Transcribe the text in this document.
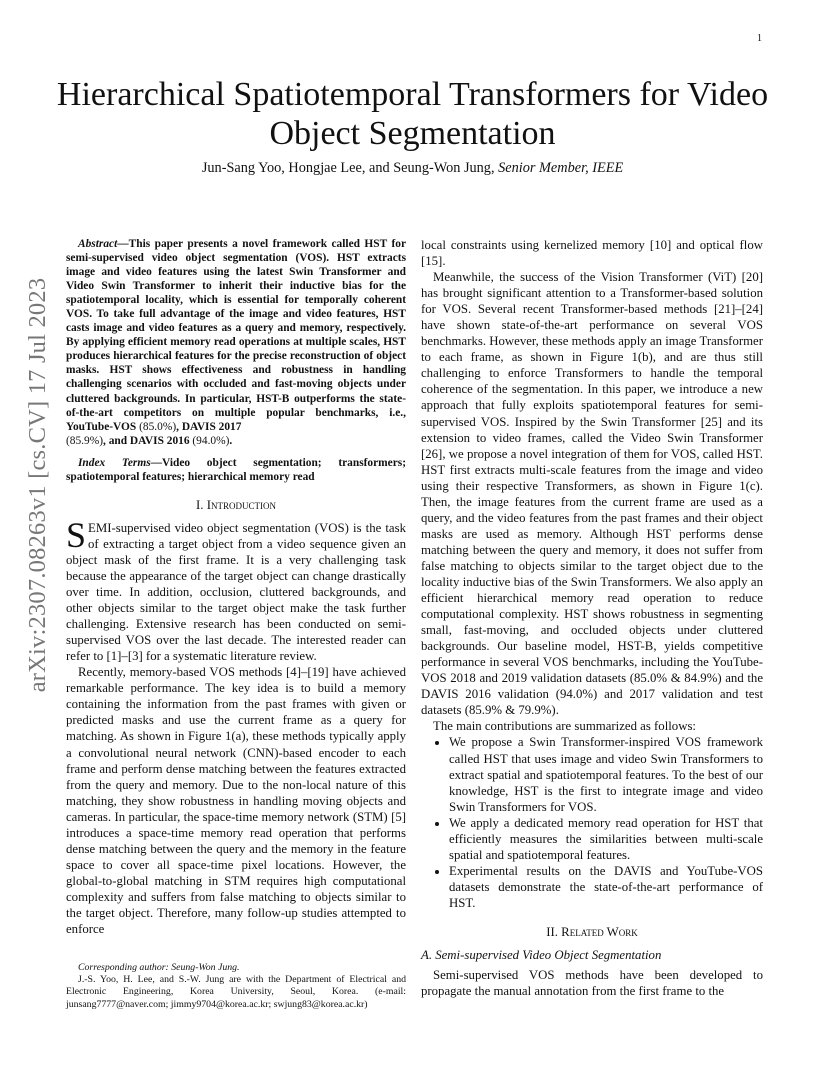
1
arXiv:2307.08263v1 [cs.CV] 17 Jul 2023
Hierarchical Spatiotemporal Transformers for Video Object Segmentation
Jun-Sang Yoo, Hongjae Lee, and Seung-Won Jung, Senior Member, IEEE

Abstract—This paper presents a novel framework called HST for semi-supervised video object segmentation (VOS). HST extracts image and video features using the latest Swin Transformer and Video Swin Transformer to inherit their inductive bias for the spatiotemporal locality, which is essential for temporally coherent VOS. To take full advantage of the image and video features, HST casts image and video features as a query and memory, respectively. By applying efficient memory read operations at multiple scales, HST produces hierarchical features for the precise reconstruction of object masks. HST shows effectiveness and robustness in handling challenging scenarios with occluded and fast-moving objects under cluttered backgrounds. In particular, HST-B outperforms the state-of-the-art competitors on multiple popular benchmarks, i.e., YouTube-VOS (85.0%), DAVIS 2017
(85.9%), and DAVIS 2016 (94.0%).

Index Terms—Video object segmentation; transformers; spatiotemporal features; hierarchical memory read

I. Introduction

SEMI-supervised video object segmentation (VOS) is the task of extracting a target object from a video sequence given an object mask of the first frame. It is a very challenging task because the appearance of the target object can change drastically over time. In addition, occlusion, cluttered backgrounds, and other objects similar to the target object make the task further challenging. Extensive research has been conducted on semi-supervised VOS over the last decade. The interested reader can refer to [1]–[3] for a systematic literature review.

Recently, memory-based VOS methods [4]–[19] have achieved remarkable performance. The key idea is to build a memory containing the information from the past frames with given or predicted masks and use the current frame as a query for matching. As shown in Figure 1(a), these methods typically apply a convolutional neural network (CNN)-based encoder to each frame and perform dense matching between the features extracted from the query and memory. Due to the non-local nature of this matching, they show robustness in handling moving objects and cameras. In particular, the space-time memory network (STM) [5] introduces a space-time memory read operation that performs dense matching between the query and the memory in the feature space to cover all space-time pixel locations. However, the global-to-global matching in STM requires high computational complexity and suffers from false matching to objects similar to the target object. Therefore, many follow-up studies attempted to enforce

local constraints using kernelized memory [10] and optical flow [15].

Meanwhile, the success of the Vision Transformer (ViT) [20] has brought significant attention to a Transformer-based solution for VOS. Several recent Transformer-based methods [21]–[24] have shown state-of-the-art performance on several VOS benchmarks. However, these methods apply an image Transformer to each frame, as shown in Figure 1(b), and are thus still challenging to enforce Transformers to handle the temporal coherence of the segmentation. In this paper, we introduce a new approach that fully exploits spatiotemporal features for semi-supervised VOS. Inspired by the Swin Transformer [25] and its extension to video frames, called the Video Swin Transformer [26], we propose a novel integration of them for VOS, called HST. HST first extracts multi-scale features from the image and video using their respective Transformers, as shown in Figure 1(c). Then, the image features from the current frame are used as a query, and the video features from the past frames and their object masks are used as memory. Although HST performs dense matching between the query and memory, it does not suffer from false matching to objects similar to the target object due to the locality inductive bias of the Swin Transformers. We also apply an efficient hierarchical memory read operation to reduce computational complexity. HST shows robustness in segmenting small, fast-moving, and occluded objects under cluttered backgrounds. Our baseline model, HST-B, yields competitive performance in several VOS benchmarks, including the YouTube-VOS 2018 and 2019 validation datasets (85.0% & 84.9%) and the DAVIS 2016 validation (94.0%) and 2017 validation and test datasets (85.9% & 79.9%).

The main contributions are summarized as follows:

• We propose a Swin Transformer-inspired VOS framework called HST that uses image and video Swin Transformers to extract spatial and spatiotemporal features. To the best of our knowledge, HST is the first to integrate image and video Swin Transformers for VOS.
• We apply a dedicated memory read operation for HST that efficiently measures the similarities between multi-scale spatial and spatiotemporal features.
• Experimental results on the DAVIS and YouTube-VOS datasets demonstrate the state-of-the-art performance of HST.
II. Related Work

A. Semi-supervised Video Object Segmentation

Semi-supervised VOS methods have been developed to propagate the manual annotation from the first frame to the

Corresponding author: Seung-Won Jung.

J.-S. Yoo, H. Lee, and S.-W. Jung are with the Department of Electrical and Electronic Engineering, Korea University, Seoul, Korea. (e-mail: junsang7777@naver.com; jimmy9704@korea.ac.kr; swjung83@korea.ac.kr)
